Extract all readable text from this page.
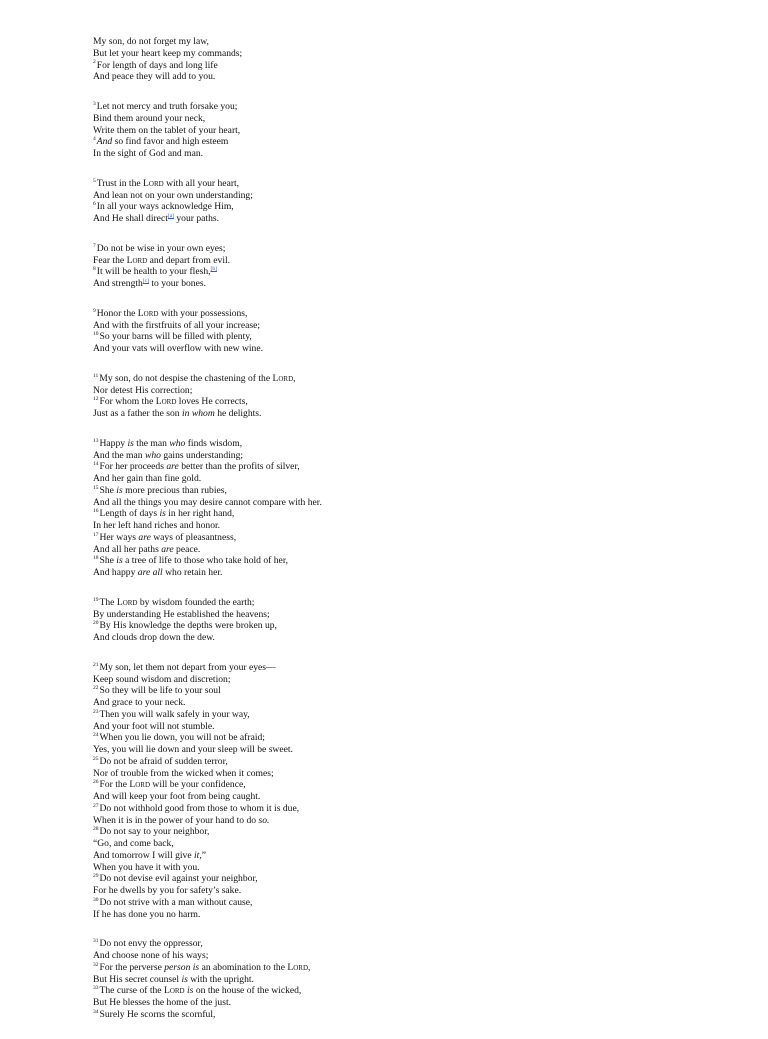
My son, do not forget my law,
But let your heart keep my commands;
$^2$For length of days and long life
And peace they will add to you.
$^3$Let not mercy and truth forsake you;
Bind them around your neck,
Write them on the tablet of your heart,
$^4$And so find favor and high esteem
In the sight of God and man.
$^5$Trust in the Lord with all your heart,
And lean not on your own understanding;
$^6$In all your ways acknowledge Him,
And He shall direct[a] your paths.
$^7$Do not be wise in your own eyes;
Fear the Lord and depart from evil.
$^8$It will be health to your flesh,[b]
And strength[c] to your bones.
$^9$Honor the Lord with your possessions,
And with the firstfruits of all your increase;
$^{10}$So your barns will be filled with plenty,
And your vats will overflow with new wine.
$^{11}$My son, do not despise the chastening of the Lord,
Nor detest His correction;
$^{12}$For whom the Lord loves He corrects,
Just as a father the son in whom he delights.
$^{13}$Happy is the man who finds wisdom,
And the man who gains understanding;
$^{14}$For her proceeds are better than the profits of silver,
And her gain than fine gold.
$^{15}$She is more precious than rubies,
And all the things you may desire cannot compare with her.
$^{16}$Length of days is in her right hand,
In her left hand riches and honor.
$^{17}$Her ways are ways of pleasantness,
And all her paths are peace.
$^{18}$She is a tree of life to those who take hold of her,
And happy are all who retain her.
$^{19}$The Lord by wisdom founded the earth;
By understanding He established the heavens;
$^{20}$By His knowledge the depths were broken up,
And clouds drop down the dew.
$^{21}$My son, let them not depart from your eyes—
Keep sound wisdom and discretion;
$^{22}$So they will be life to your soul
And grace to your neck.
$^{23}$Then you will walk safely in your way,
And your foot will not stumble.
$^{24}$When you lie down, you will not be afraid;
Yes, you will lie down and your sleep will be sweet.
$^{25}$Do not be afraid of sudden terror,
Nor of trouble from the wicked when it comes;
$^{26}$For the Lord will be your confidence,
And will keep your foot from being caught.
$^{27}$Do not withhold good from those to whom it is due,
When it is in the power of your hand to do so.
$^{28}$Do not say to your neighbor,
“Go, and come back,
And tomorrow I will give it,”
When you have it with you.
$^{29}$Do not devise evil against your neighbor,
For he dwells by you for safety’s sake.
$^{30}$Do not strive with a man without cause,
If he has done you no harm.
$^{31}$Do not envy the oppressor,
And choose none of his ways;
$^{32}$For the perverse person is an abomination to the Lord,
But His secret counsel is with the upright.
$^{33}$The curse of the Lord is on the house of the wicked,
But He blesses the home of the just.
$^{34}$Surely He scorns the scornful,
